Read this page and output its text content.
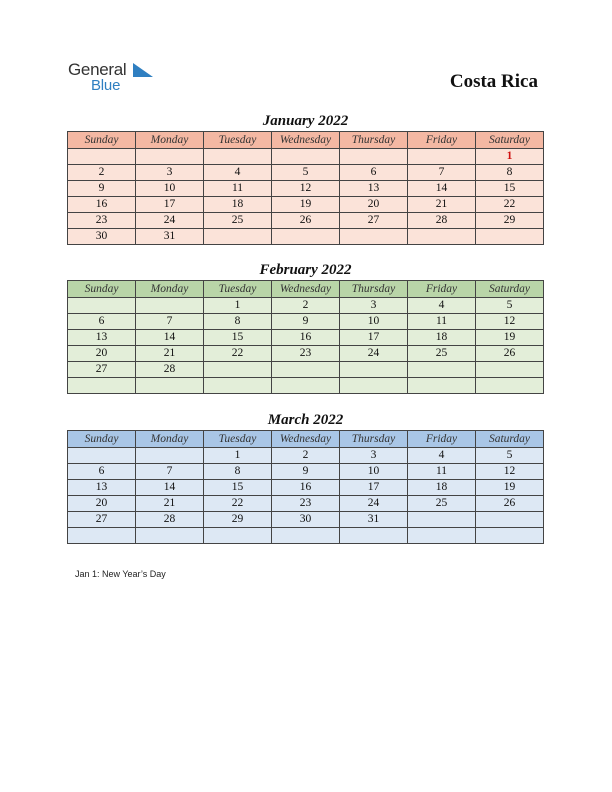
General
Blue	Costa Rica
January 2022
Sunday	Monday	Tuesday	Wednesday	Thursday	Friday	Saturday
						1
2	3	4	5	6	7	8
9	10	11	12	13	14	15
16	17	18	19	20	21	22
23	24	25	26	27	28	29
30	31					
February 2022
Sunday	Monday	Tuesday	Wednesday	Thursday	Friday	Saturday
		1	2	3	4	5
6	7	8	9	10	11	12
13	14	15	16	17	18	19
20	21	22	23	24	25	26
27	28					

March 2022
Sunday	Monday	Tuesday	Wednesday	Thursday	Friday	Saturday
		1	2	3	4	5
6	7	8	9	10	11	12
13	14	15	16	17	18	19
20	21	22	23	24	25	26
27	28	29	30	31		

Jan 1: New Year’s Day
